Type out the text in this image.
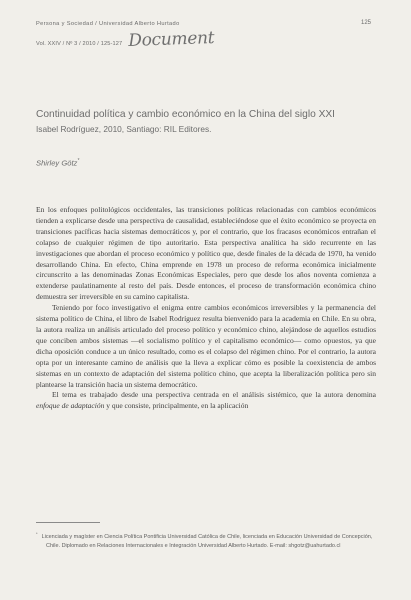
Persona y Sociedad / Universidad Alberto Hurtado	125
Vol. XXIV / Nº 3 / 2010 / 125-127 Document
Continuidad política y cambio económico en la China del siglo XXI
Isabel Rodríguez, 2010, Santiago: RIL Editores.
Shirley Götz*

En los enfoques politológicos occidentales, las transiciones políticas relacionadas con cambios económicos tienden a explicarse desde una perspectiva de causalidad, estableciéndose que el éxito económico se proyecta en transiciones pacíficas hacia sistemas democráticos y, por el contrario, que los fracasos económicos entrañan el colapso de cualquier régimen de tipo autoritario. Esta perspectiva analítica ha sido recurrente en las investigaciones que abordan el proceso económico y político que, desde finales de la década de 1970, ha venido desarrollando China. En efecto, China emprende en 1978 un proceso de reforma económica inicialmente circunscrito a las denominadas Zonas Económicas Especiales, pero que desde los años noventa comienza a extenderse paulatinamente al resto del país. Desde entonces, el proceso de transformación económica chino demuestra ser irreversible en su camino capitalista.

Teniendo por foco investigativo el enigma entre cambios económicos irreversibles y la permanencia del sistema político de China, el libro de Isabel Rodríguez resulta bienvenido para la academia en Chile. En su obra, la autora realiza un análisis articulado del proceso político y económico chino, alejándose de aquellos estudios que conciben ambos sistemas —el socialismo político y el capitalismo económico— como opuestos, ya que dicha oposición conduce a un único resultado, como es el colapso del régimen chino. Por el contrario, la autora opta por un interesante camino de análisis que la lleva a explicar cómo es posible la coexistencia de ambos sistemas en un contexto de adaptación del sistema político chino, que acepta la liberalización política pero sin plantearse la transición hacia un sistema democrático.

El tema es trabajado desde una perspectiva centrada en el análisis sistémico, que la autora denomina enfoque de adaptación y que consiste, principalmente, en la aplicación

*Licenciada y magíster en Ciencia Política Pontificia Universidad Católica de Chile, licenciada en Educación Universidad de Concepción, Chile. Diplomado en Relaciones Internacionales e Integración Universidad Alberto Hurtado. E-mail: shgotz@uahurtado.cl
